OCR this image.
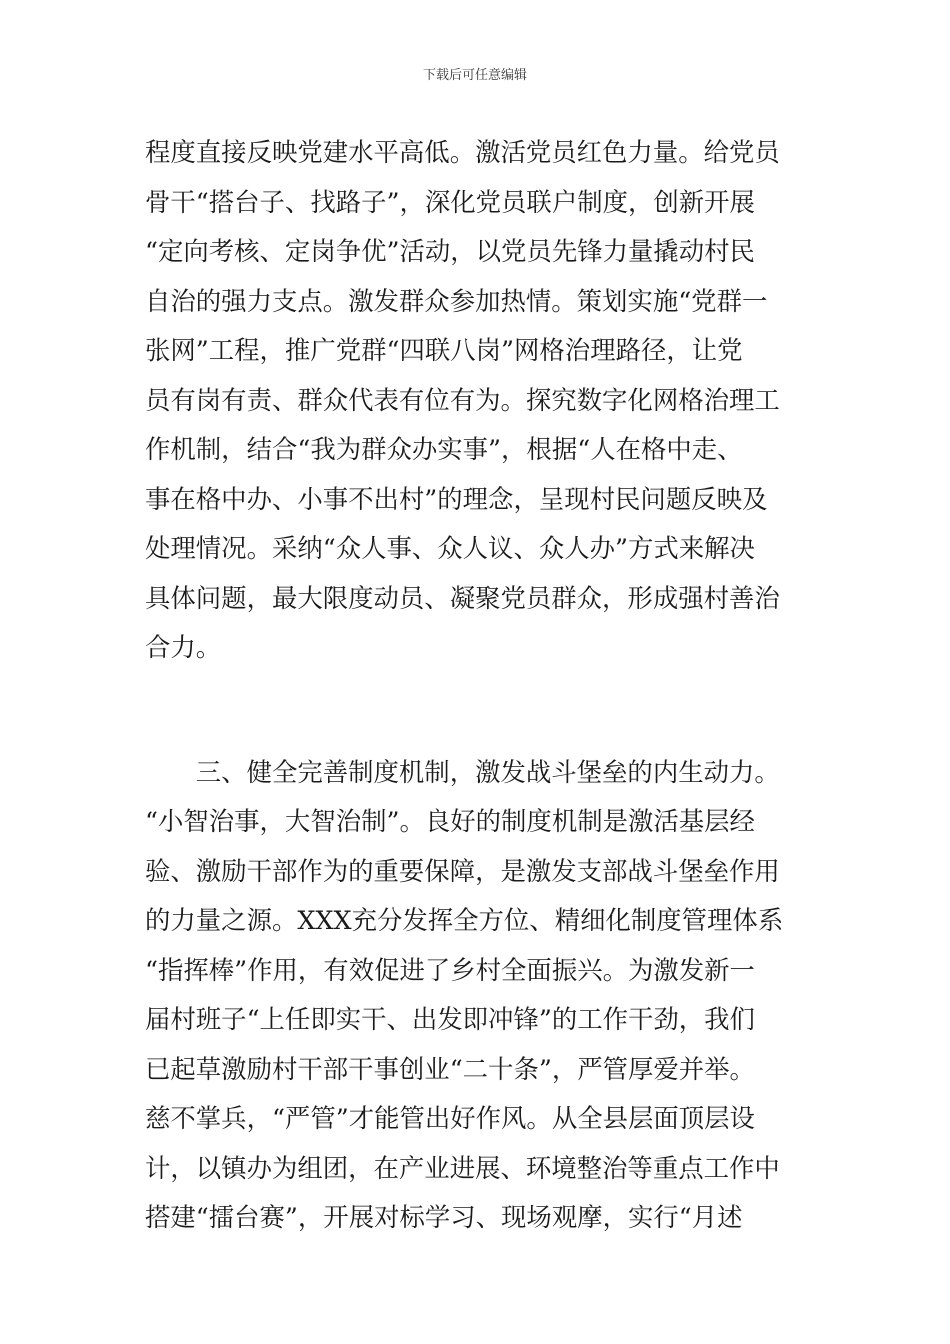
下载后可任意编辑
程度直接反映党建水平高低。激活党员红色力量。给党员
骨干“搭台子、找路子”，深化党员联户制度，创新开展
“定向考核、定岗争优”活动，以党员先锋力量撬动村民
自治的强力支点。激发群众参加热情。策划实施“党群一
张网”工程，推广党群“四联八岗”网格治理路径，让党
员有岗有责、群众代表有位有为。探究数字化网格治理工
作机制，结合“我为群众办实事”，根据“人在格中走、
事在格中办、小事不出村”的理念，呈现村民问题反映及
处理情况。采纳“众人事、众人议、众人办”方式来解决
具体问题，最大限度动员、凝聚党员群众，形成强村善治
合力。
　　三、健全完善制度机制，激发战斗堡垒的内生动力。
“小智治事，大智治制”。良好的制度机制是激活基层经
验、激励干部作为的重要保障，是激发支部战斗堡垒作用
的力量之源。XXX充分发挥全方位、精细化制度管理体系
“指挥棒”作用，有效促进了乡村全面振兴。为激发新一
届村班子“上任即实干、出发即冲锋”的工作干劲，我们
已起草激励村干部干事创业“二十条”，严管厚爱并举。
慈不掌兵，“严管”才能管出好作风。从全县层面顶层设
计，以镇办为组团，在产业进展、环境整治等重点工作中
搭建“擂台赛”，开展对标学习、现场观摩，实行“月述
